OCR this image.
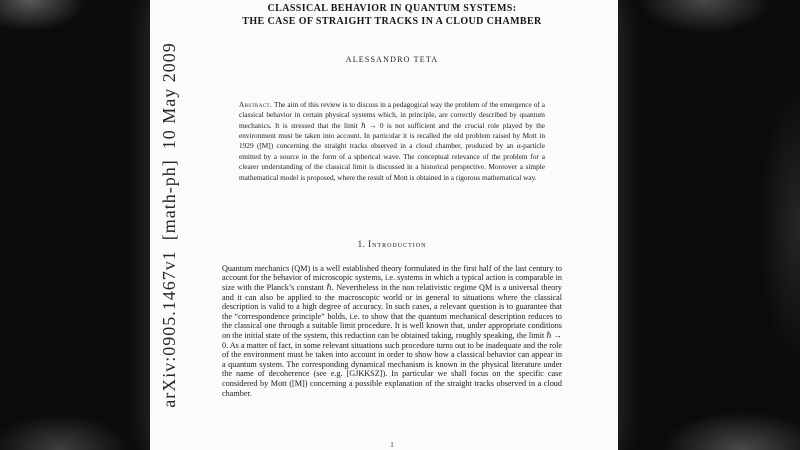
arXiv:0905.1467v1 [math-ph] 10 May 2009
CLASSICAL BEHAVIOR IN QUANTUM SYSTEMS:
THE CASE OF STRAIGHT TRACKS IN A CLOUD CHAMBER
ALESSANDRO TETA

Abstract. The aim of this review is to discuss in a pedagogical way the problem of the emergence of a classical behavior in certain physical systems which, in principle, are correctly described by quantum mechanics. It is stressed that the limit ℏ → 0 is not sufficient and the crucial role played by the environment must be taken into account. In particular it is recalled the old problem raised by Mott in 1929 ([M]) concerning the straight tracks observed in a cloud chamber, produced by an α-particle emitted by a source in the form of a spherical wave. The conceptual relevance of the problem for a clearer understanding of the classical limit is discussed in a historical perspective. Moreover a simple mathematical model is proposed, where the result of Mott is obtained in a rigorous mathematical way.

1. Introduction

Quantum mechanics (QM) is a well established theory formulated in the first half of the last century to account for the behavior of microscopic systems, i.e. systems in which a typical action is comparable in size with the Planck’s constant ℏ. Nevertheless in the non relativistic regime QM is a universal theory and it can also be applied to the macroscopic world or in general to situations where the classical description is valid to a high degree of accuracy. In such cases, a relevant question is to guarantee that the “correspondence principle” holds, i.e. to show that the quantum mechanical description reduces to the classical one through a suitable limit procedure. It is well known that, under appropriate conditions on the initial state of the system, this reduction can be obtained taking, roughly speaking, the limit ℏ → 0. As a matter of fact, in some relevant situations such procedure turns out to be inadequate and the role of the environment must be taken into account in order to show how a classical behavior can appear in a quantum system. The corresponding dynamical mechanism is known in the physical literature under the name of decoherence (see e.g. [GJKKSZ]). In particular we shall focus on the specific case considered by Mott ([M]) concerning a possible explanation of the straight tracks observed in a cloud chamber.

1
